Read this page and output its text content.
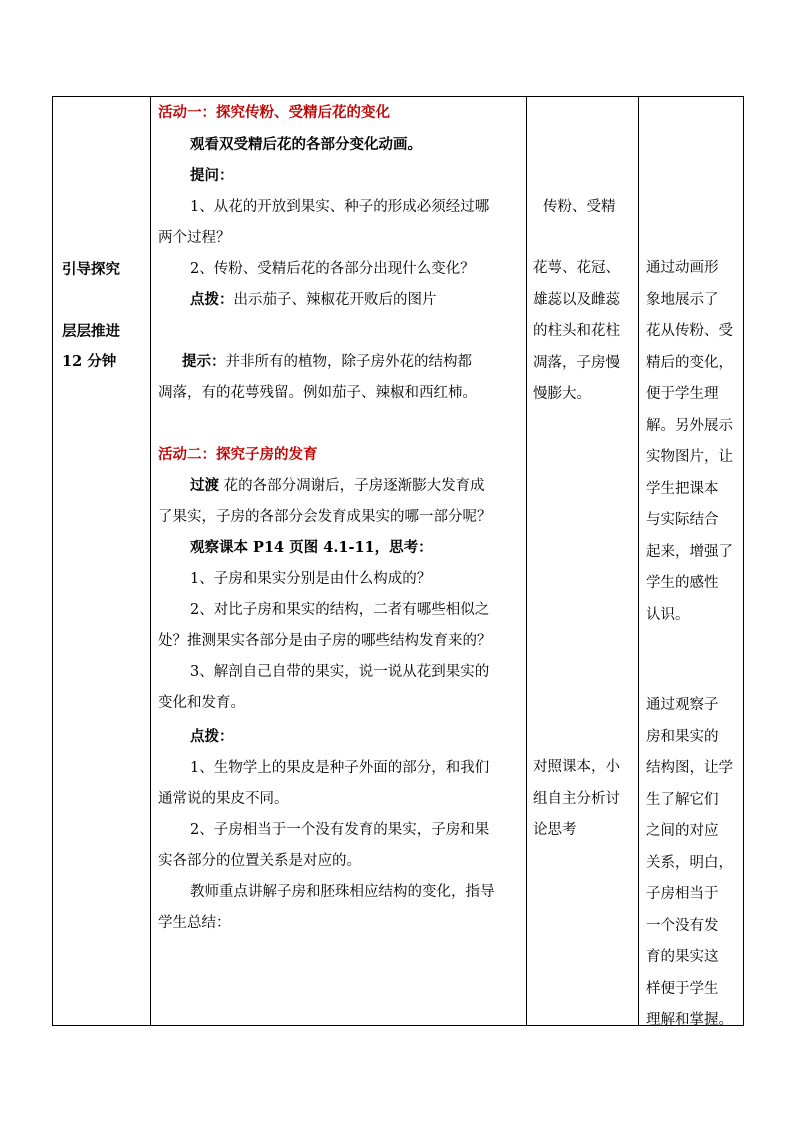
引导探究
层层推进
12 分钟
活动一：探究传粉、受精后花的变化
观看双受精后花的各部分变化动画。
提问：
1、从花的开放到果实、种子的形成必须经过哪
两个过程？
2、传粉、受精后花的各部分出现什么变化？
点拨：出示茄子、辣椒花开败后的图片
提示：并非所有的植物，除子房外花的结构都
凋落，有的花萼残留。例如茄子、辣椒和西红柿。
活动二：探究子房的发育
过渡 花的各部分凋谢后，子房逐渐膨大发育成
了果实，子房的各部分会发育成果实的哪一部分呢？
观察课本 P14 页图 4.1-11，思考：
1、子房和果实分别是由什么构成的？
2、对比子房和果实的结构，二者有哪些相似之
处？推测果实各部分是由子房的哪些结构发育来的？
3、解剖自己自带的果实，说一说从花到果实的
变化和发育。
点拨：
1、生物学上的果皮是种子外面的部分，和我们
通常说的果皮不同。
2、子房相当于一个没有发育的果实，子房和果
实各部分的位置关系是对应的。
教师重点讲解子房和胚珠相应结构的变化，指导
学生总结：
传粉、受精
花萼、花冠、
雄蕊以及雌蕊
的柱头和花柱
凋落，子房慢
慢膨大。
对照课本，小
组自主分析讨
论思考
通过动画形
象地展示了
花从传粉、受
精后的变化，
便于学生理
解。另外展示
实物图片，让
学生把课本
与实际结合
起来，增强了
学生的感性
认识。
通过观察子
房和果实的
结构图，让学
生了解它们
之间的对应
关系，明白，
子房相当于
一个没有发
育的果实这
样便于学生
理解和掌握。
